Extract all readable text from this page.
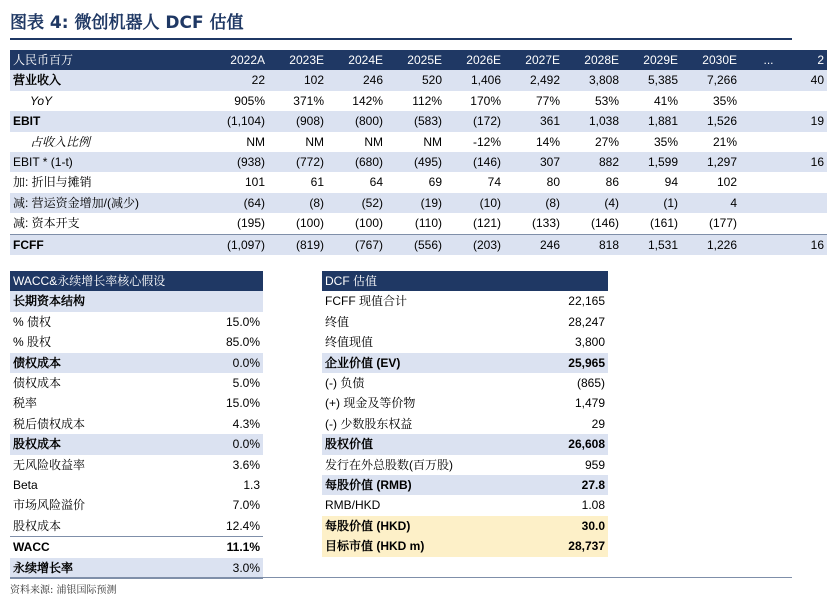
图表 4: 微创机器人 DCF 估值
人民币百万	2022A	2023E	2024E	2025E	2026E	2027E	2028E	2029E	2030E	...	2
营业收入	22	102	246	520	1,406	2,492	3,808	5,385	7,266		40
YoY	905%	371%	142%	112%	170%	77%	53%	41%	35%		
EBIT	(1,104)	(908)	(800)	(583)	(172)	361	1,038	1,881	1,526		19
占收入比例	NM	NM	NM	NM	-12%	14%	27%	35%	21%		
EBIT * (1-t)	(938)	(772)	(680)	(495)	(146)	307	882	1,599	1,297		16
加: 折旧与摊销	101	61	64	69	74	80	86	94	102		
减: 营运资金增加/(减少)	(64)	(8)	(52)	(19)	(10)	(8)	(4)	(1)	4		
减: 资本开支	(195)	(100)	(100)	(110)	(121)	(133)	(146)	(161)	(177)		
FCFF	(1,097)	(819)	(767)	(556)	(203)	246	818	1,531	1,226		16
WACC&永续增长率核心假设	
长期资本结构	
% 债权	15.0%
% 股权	85.0%
债权成本	0.0%
债权成本	5.0%
税率	15.0%
税后债权成本	4.3%
股权成本	0.0%
无风险收益率	3.6%
Beta	1.3
市场风险溢价	7.0%
股权成本	12.4%
WACC	11.1%
永续增长率	3.0%
DCF 估值	
FCFF 现值合计	22,165
终值	28,247
终值现值	3,800
企业价值 (EV)	25,965
(-) 负债	(865)
(+) 现金及等价物	1,479
(-) 少数股东权益	29
股权价值	26,608
发行在外总股数(百万股)	959
每股价值 (RMB)	27.8
RMB/HKD	1.08
每股价值 (HKD)	30.0
目标市值 (HKD m)	28,737
资料来源: 浦银国际预测
